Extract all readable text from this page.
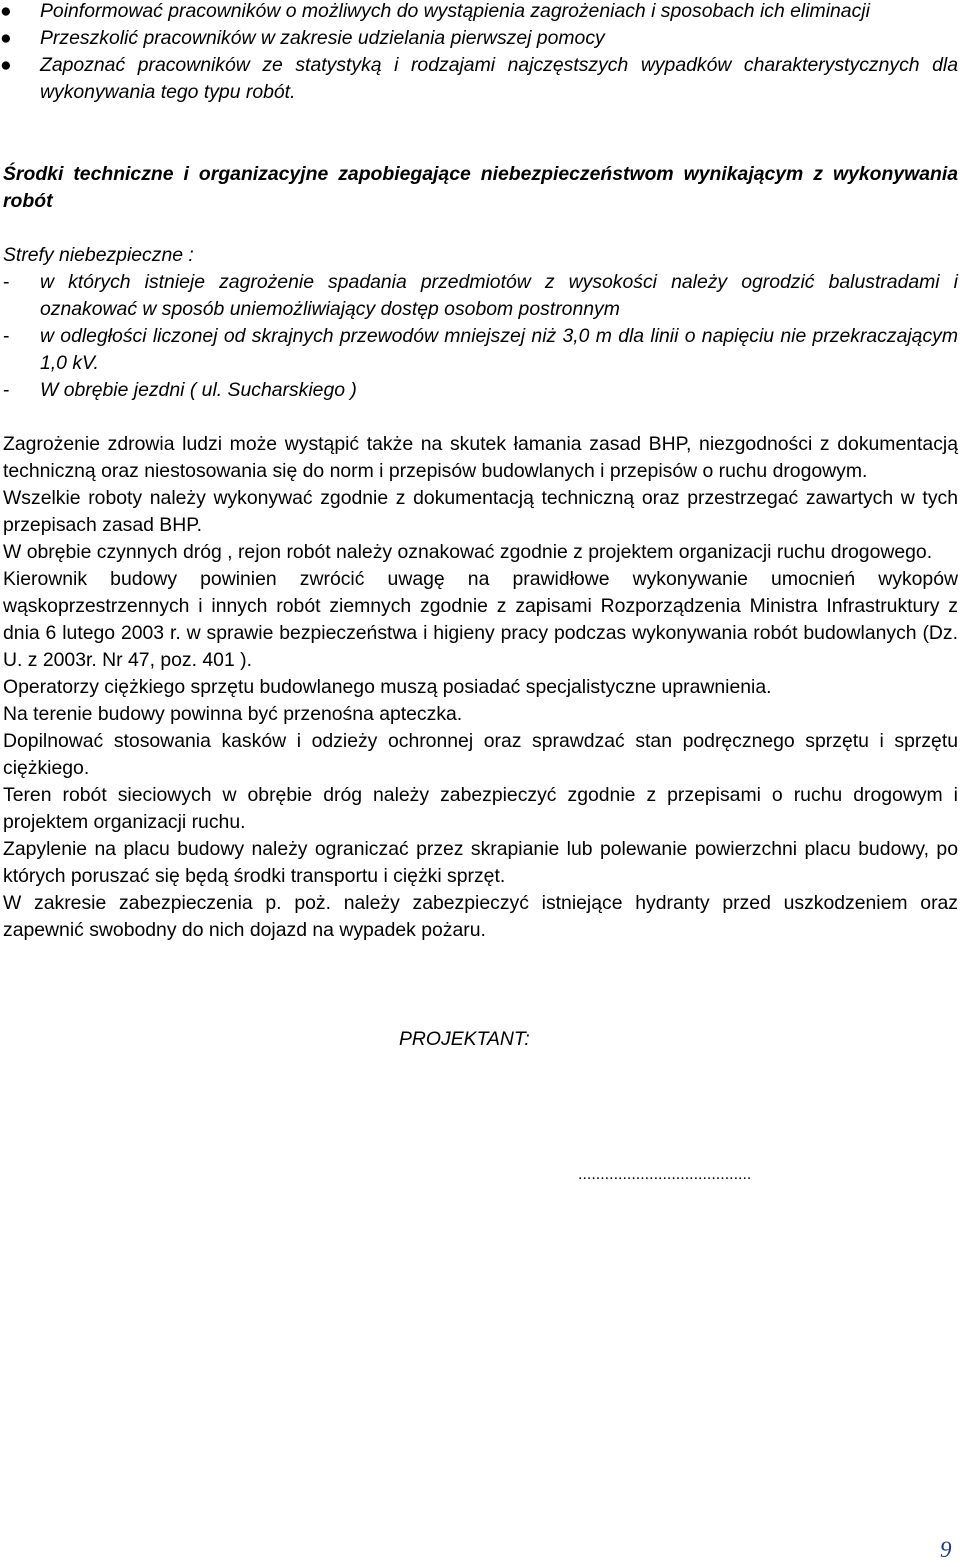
●	Poinformować pracowników o możliwych do wystąpienia zagrożeniach i sposobach ich eliminacji
●	Przeszkolić pracowników w zakresie udzielania pierwszej pomocy
●	Zapoznać pracowników ze statystyką i rodzajami najczęstszych wypadków charakterystycznych dla wykonywania tego typu robót.
Środki techniczne i organizacyjne zapobiegające niebezpieczeństwom wynikającym z wykonywania robót
Strefy niebezpieczne :
- w których istnieje zagrożenie spadania przedmiotów z wysokości należy ogrodzić balustradami i oznakować w sposób uniemożliwiający dostęp osobom postronnym
- w odległości liczonej od skrajnych przewodów mniejszej niż 3,0 m dla linii o napięciu nie przekraczającym 1,0 kV.
- W obrębie jezdni ( ul. Sucharskiego )

Zagrożenie zdrowia ludzi może wystąpić także na skutek łamania zasad BHP, niezgodności z dokumentacją techniczną oraz niestosowania się do norm i przepisów budowlanych i przepisów o ruchu drogowym.

Wszelkie roboty należy wykonywać zgodnie z dokumentacją techniczną oraz przestrzegać zawartych w tych przepisach zasad BHP.

W obrębie czynnych dróg , rejon robót należy oznakować zgodnie z projektem organizacji ruchu drogowego.

Kierownik budowy powinien zwrócić uwagę na prawidłowe wykonywanie umocnień wykopów wąskoprzestrzennych i innych robót ziemnych zgodnie z zapisami Rozporządzenia Ministra Infrastruktury z dnia 6 lutego 2003 r. w sprawie bezpieczeństwa i higieny pracy podczas wykonywania robót budowlanych (Dz. U. z 2003r. Nr 47, poz. 401 ).

Operatorzy ciężkiego sprzętu budowlanego muszą posiadać specjalistyczne uprawnienia.

Na terenie budowy powinna być przenośna apteczka.

Dopilnować stosowania kasków i odzieży ochronnej oraz sprawdzać stan podręcznego sprzętu i sprzętu ciężkiego.

Teren robót sieciowych w obrębie dróg należy zabezpieczyć zgodnie z przepisami o ruchu drogowym i projektem organizacji ruchu.

Zapylenie na placu budowy należy ograniczać przez skrapianie lub polewanie powierzchni placu budowy, po których poruszać się będą środki transportu i ciężki sprzęt.

W zakresie zabezpieczenia p. poż. należy zabezpieczyć istniejące hydranty przed uszkodzeniem oraz zapewnić swobodny do nich dojazd na wypadek pożaru.

PROJEKTANT:
.......................................
9
